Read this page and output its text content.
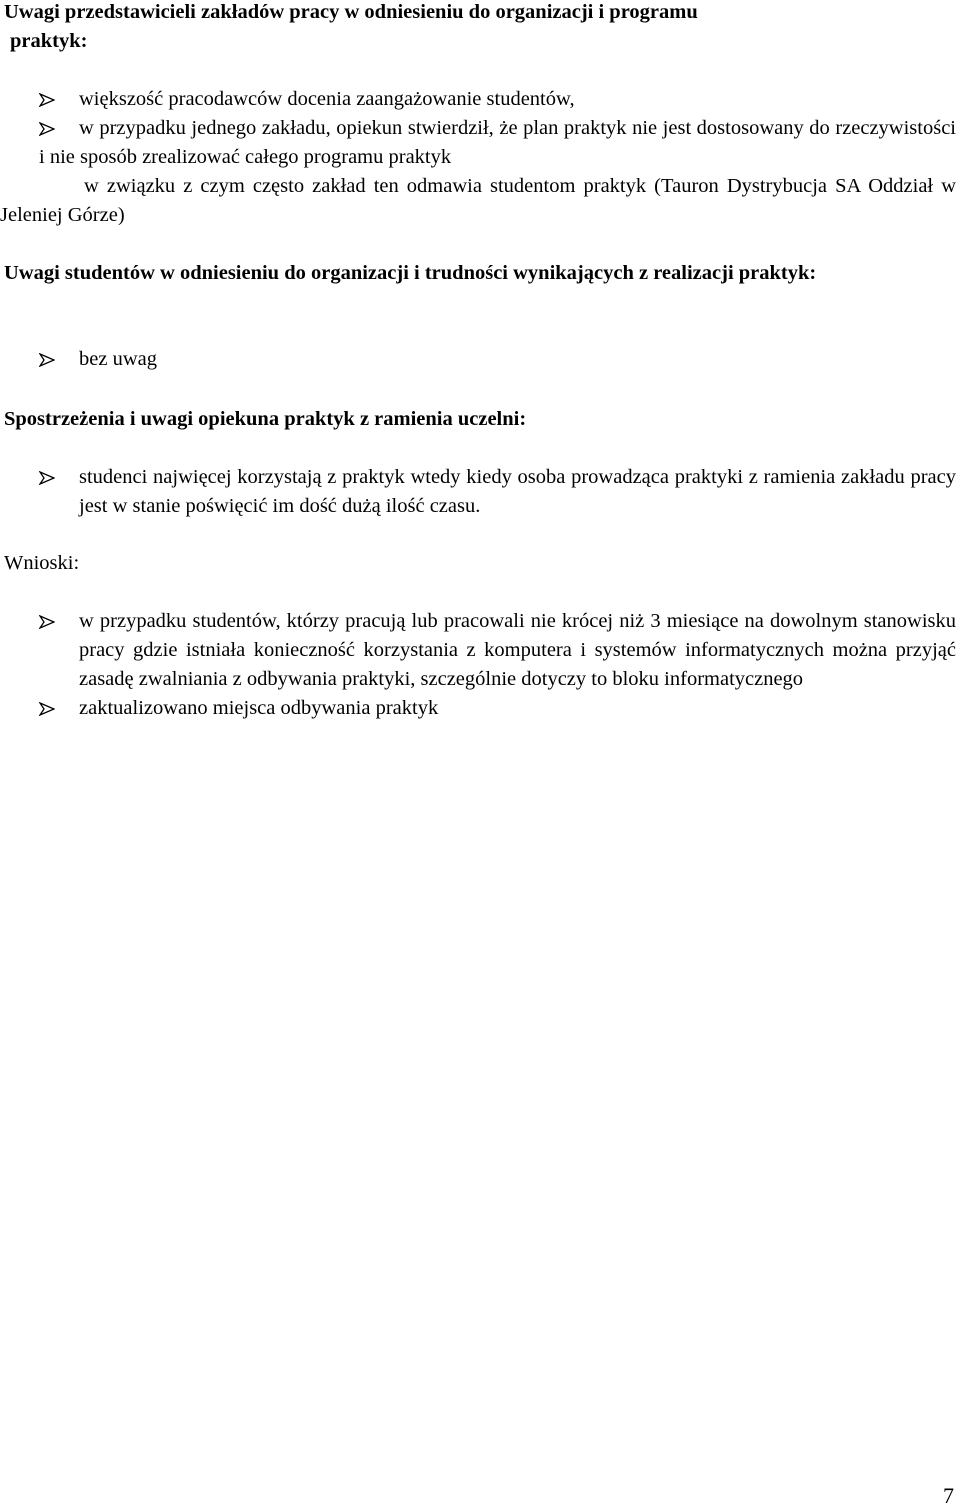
Uwagi przedstawicieli zakładów pracy w odniesieniu do organizacji i programu
praktyk:
większość pracodawców docenia zaangażowanie studentów,
w przypadku jednego zakładu, opiekun stwierdził, że plan praktyk nie jest dostosowany do rzeczywistości i nie sposób zrealizować całego programu praktyk
w związku z czym często zakład ten odmawia studentom praktyk (Tauron Dystrybucja SA Oddział w Jeleniej Górze)
Uwagi studentów w odniesieniu do organizacji i trudności wynikających z realizacji praktyk:
bez uwag
Spostrzeżenia i uwagi opiekuna praktyk z ramienia uczelni:
studenci najwięcej korzystają z praktyk wtedy kiedy osoba prowadząca praktyki z ramienia zakładu pracy jest w stanie poświęcić im dość dużą ilość czasu.
Wnioski:
w przypadku studentów, którzy pracują lub pracowali nie krócej niż 3 miesiące na dowolnym stanowisku pracy gdzie istniała konieczność korzystania z komputera i systemów informatycznych można przyjąć zasadę zwalniania z odbywania praktyki, szczególnie dotyczy to bloku informatycznego
zaktualizowano miejsca odbywania praktyk
7
